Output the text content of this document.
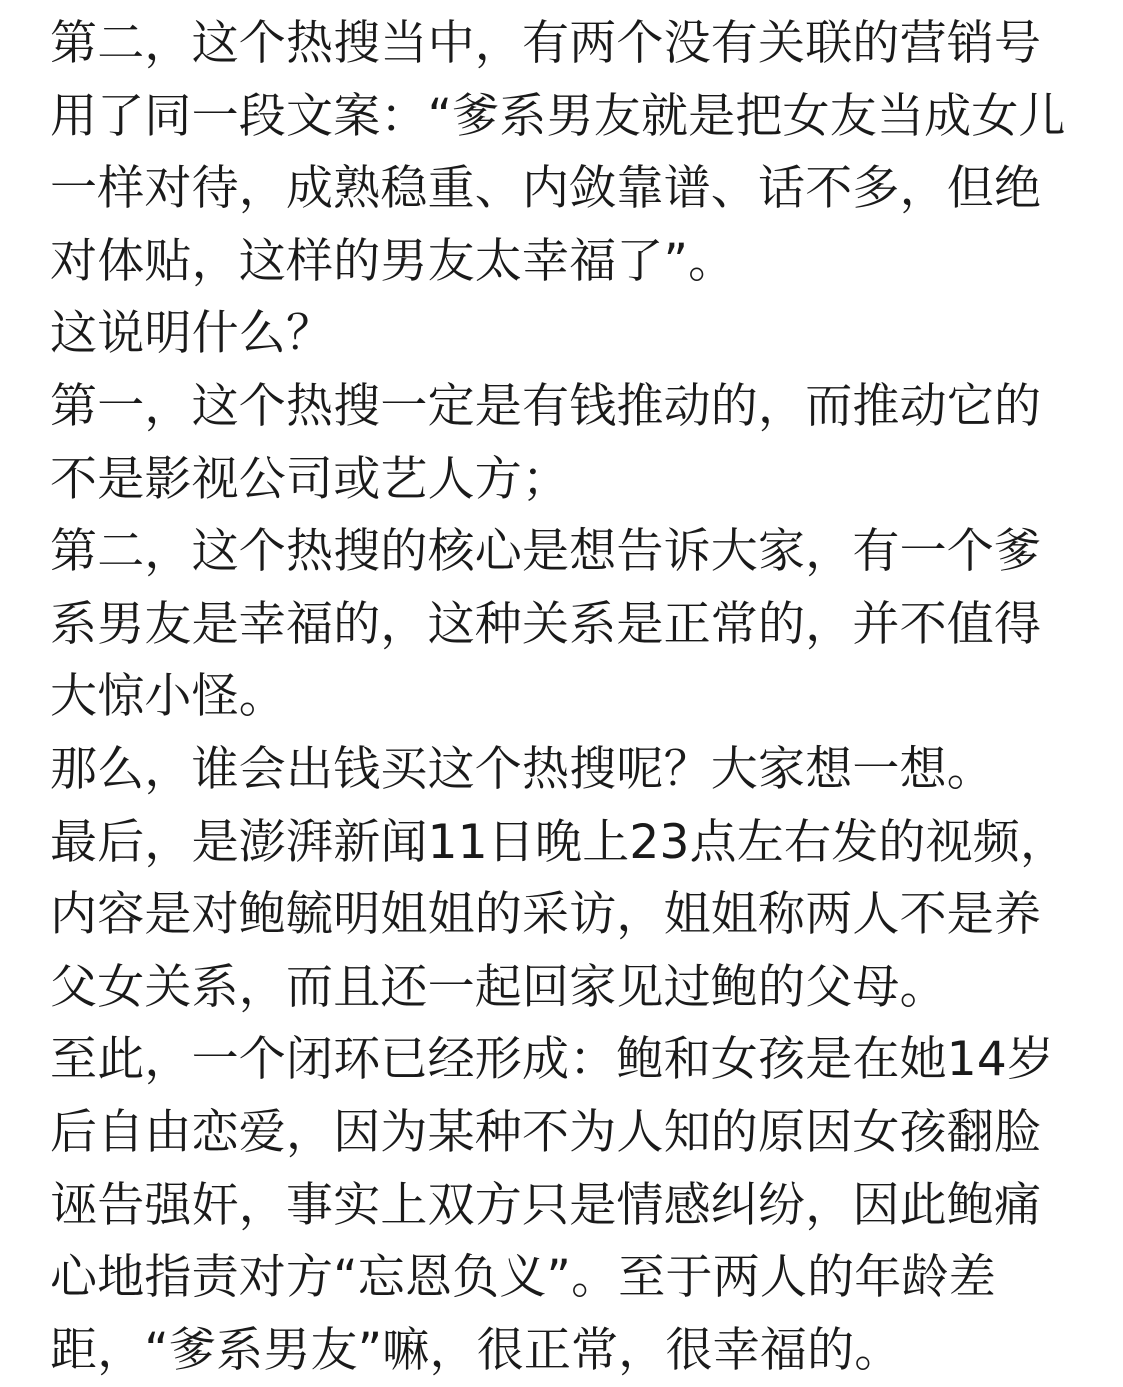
第二，这个热搜当中，有两个没有关联的营销号
用了同一段文案：“爹系男友就是把女友当成女儿
一样对待，成熟稳重、内敛靠谱、话不多，但绝
对体贴，这样的男友太幸福了”。
这说明什么？
第一，这个热搜一定是有钱推动的，而推动它的
不是影视公司或艺人方；
第二，这个热搜的核心是想告诉大家，有一个爹
系男友是幸福的，这种关系是正常的，并不值得
大惊小怪。
那么，谁会出钱买这个热搜呢？大家想一想。
最后，是澎湃新闻11日晚上23点左右发的视频，
内容是对鲍毓明姐姐的采访，姐姐称两人不是养
父女关系，而且还一起回家见过鲍的父母。
至此，一个闭环已经形成：鲍和女孩是在她14岁
后自由恋爱，因为某种不为人知的原因女孩翻脸
诬告强奸，事实上双方只是情感纠纷，因此鲍痛
心地指责对方“忘恩负义”。至于两人的年龄差
距，“爹系男友”嘛，很正常，很幸福的。
